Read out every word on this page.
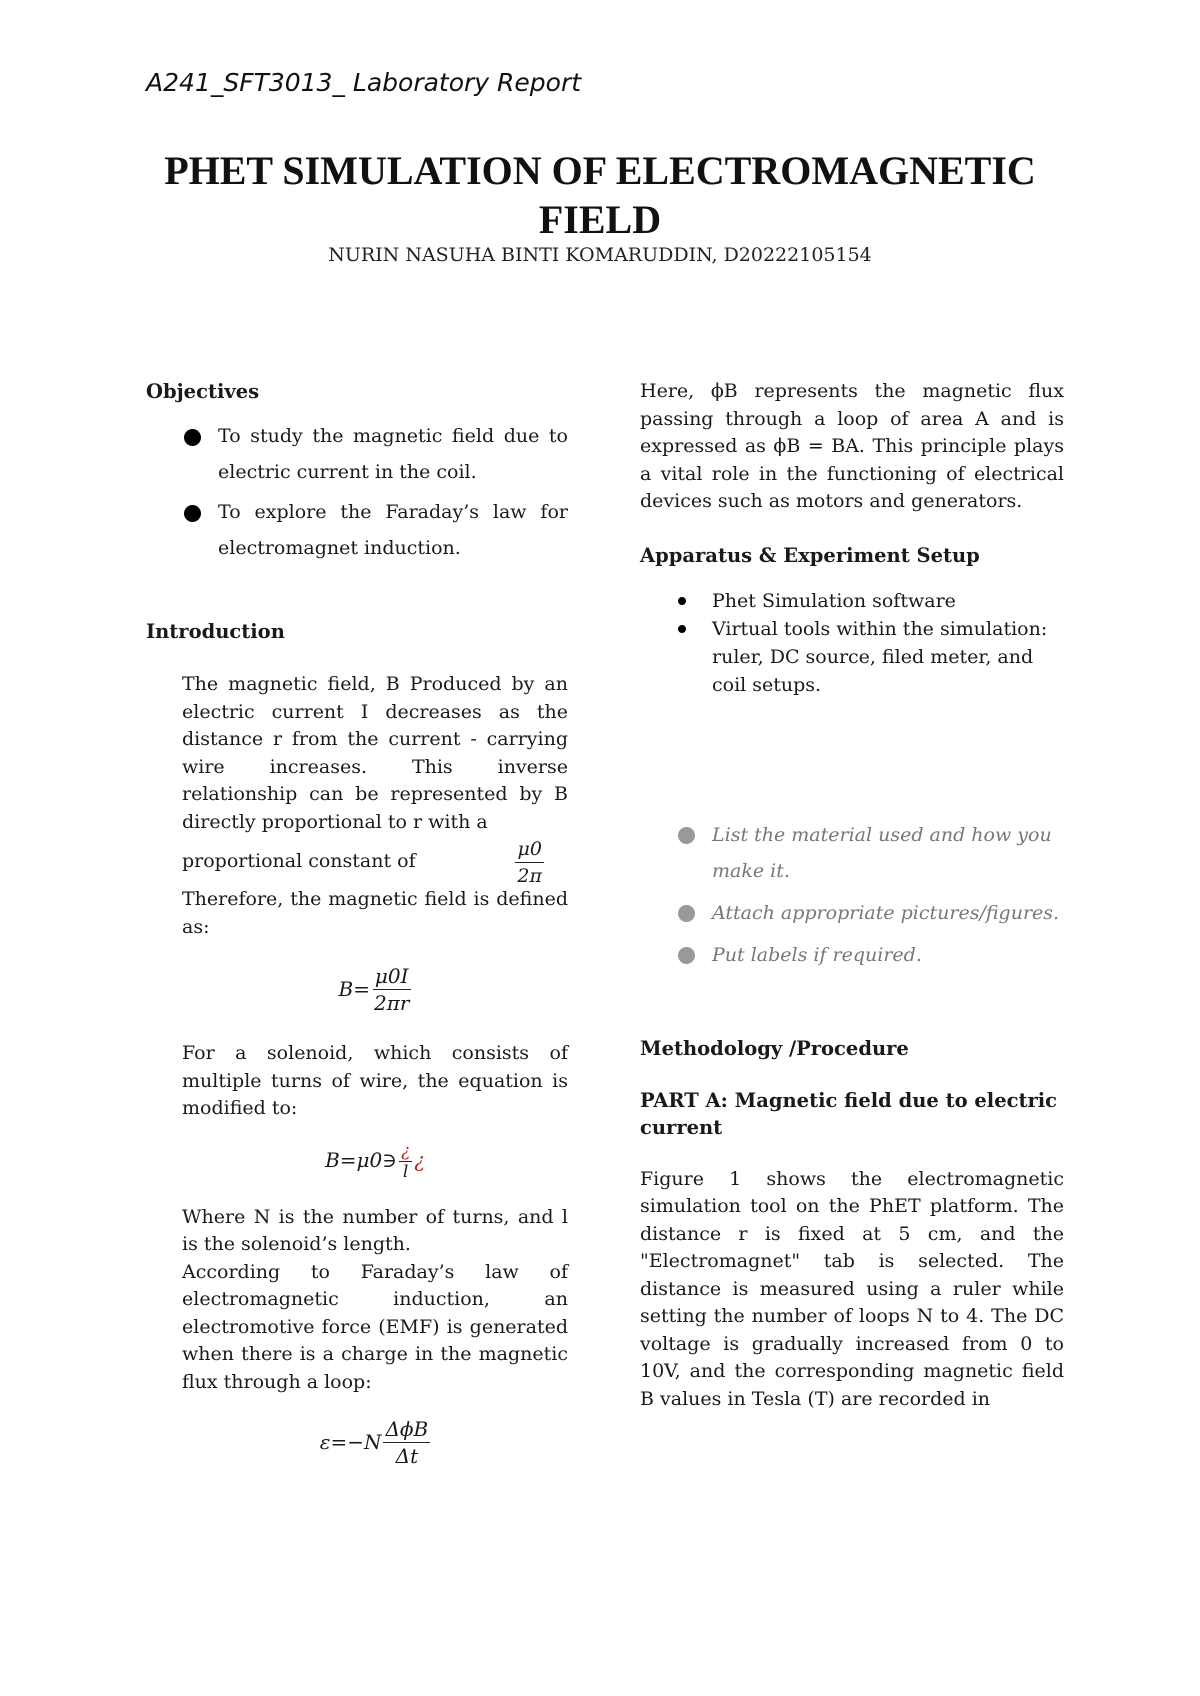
A241_SFT3013_ Laboratory Report
PHET SIMULATION OF ELECTROMAGNETIC
FIELD
NURIN NASUHA BINTI KOMARUDDIN, D20222105154
Objectives
To study the magnetic field due to electric current in the coil.
To explore the Faraday’s law for electromagnet induction.
Introduction
The magnetic field, B Produced by an electric current I decreases as the distance r from the current - carrying wire increases. This inverse relationship can be represented by B directly proportional to r with a
proportional constant of	$\frac{\mu 0}{2\pi}$
Therefore, the magnetic field is defined as:
$B= \frac{\mu 0I}{2\pi r}$
For a solenoid, which consists of multiple turns of wire, the equation is modified to:
B=μ0∋ $\frac{¿}{l}$ ¿
Where N is the number of turns, and l is the solenoid’s length.
According to Faraday’s law of electromagnetic induction, an electromotive force (EMF) is generated when there is a charge in the magnetic flux through a loop:
$\varepsilon=-N \frac{\text{ΔϕB}}{\Delta t}$
Here, ϕB represents the magnetic flux passing through a loop of area A and is expressed as ϕB = BA. This principle plays a vital role in the functioning of electrical devices such as motors and generators.
Apparatus & Experiment Setup
Phet Simulation software
Virtual tools within the simulation: ruler, DC source, filed meter, and coil setups.
List the material used and how you make it.
Attach appropriate pictures/figures.
Put labels if required.
Methodology /Procedure
PART A: Magnetic field due to electric current
Figure 1 shows the electromagnetic simulation tool on the PhET platform. The distance r is fixed at 5 cm, and the "Electromagnet" tab is selected. The distance is measured using a ruler while setting the number of loops N to 4. The DC voltage is gradually increased from 0 to 10V, and the corresponding magnetic field B values in Tesla (T) are recorded in
